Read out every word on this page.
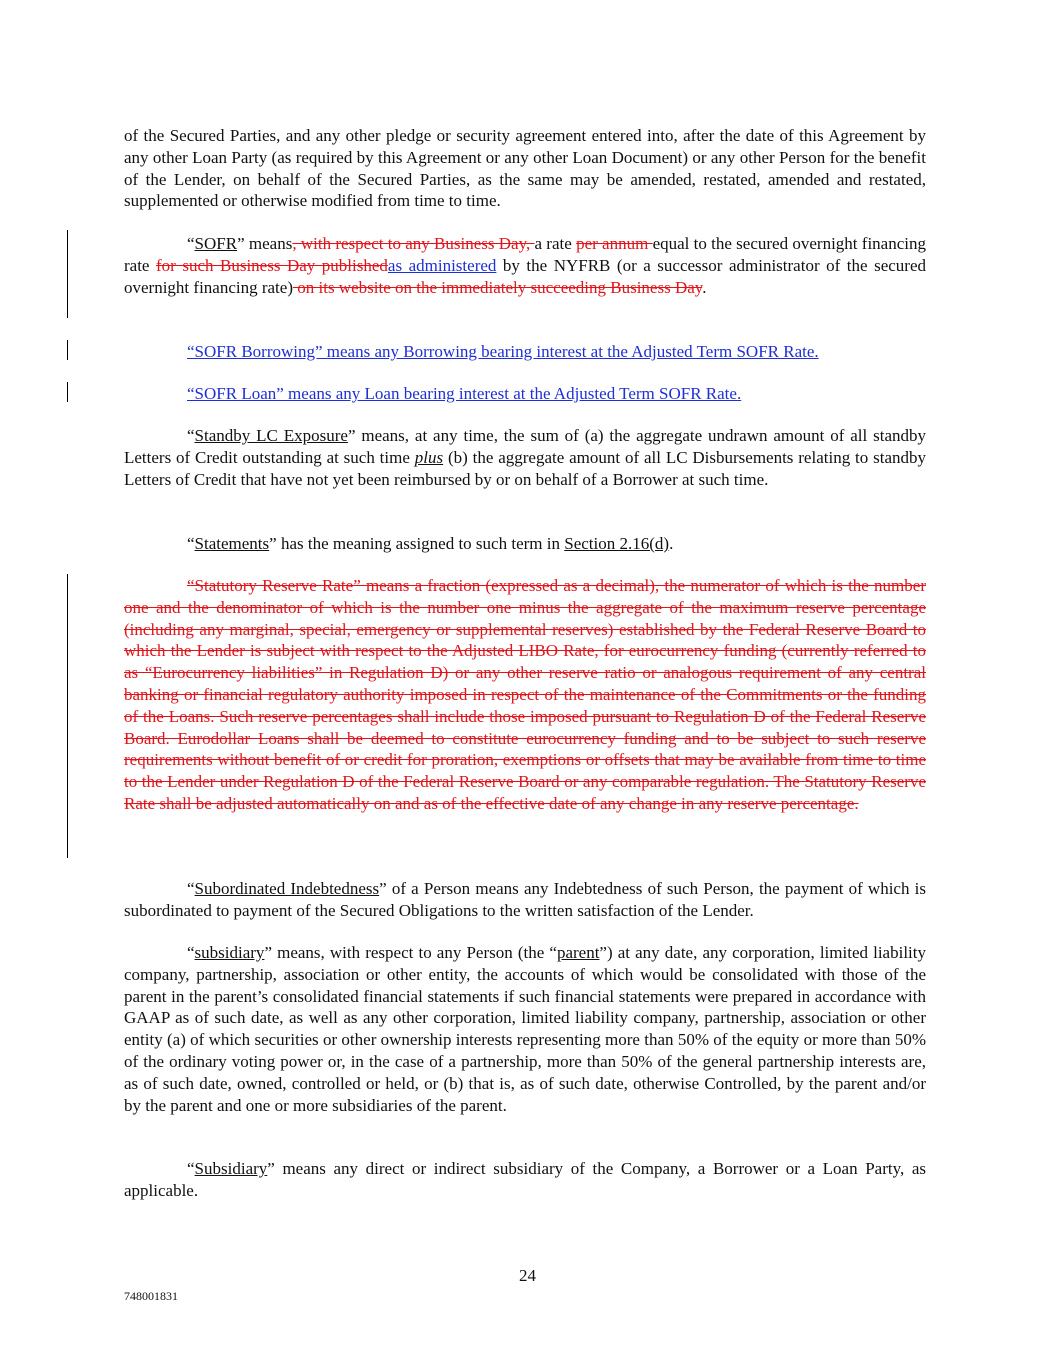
of the Secured Parties, and any other pledge or security agreement entered into, after the date of this Agreement by any other Loan Party (as required by this Agreement or any other Loan Document) or any other Person for the benefit of the Lender, on behalf of the Secured Parties, as the same may be amended, restated, amended and restated, supplemented or otherwise modified from time to time.

“SOFR” means, with respect to any Business Day, a rate per annum equal to the secured overnight financing rate for such Business Day publishedas administered by the NYFRB (or a successor administrator of the secured overnight financing rate) on its website on the immediately succeeding Business Day.

“SOFR Borrowing” means any Borrowing bearing interest at the Adjusted Term SOFR Rate.

“SOFR Loan” means any Loan bearing interest at the Adjusted Term SOFR Rate.

“Standby LC Exposure” means, at any time, the sum of (a) the aggregate undrawn amount of all standby Letters of Credit outstanding at such time plus (b) the aggregate amount of all LC Disbursements relating to standby Letters of Credit that have not yet been reimbursed by or on behalf of a Borrower at such time.

“Statements” has the meaning assigned to such term in Section 2.16(d).

“Statutory Reserve Rate” means a fraction (expressed as a decimal), the numerator of which is the number one and the denominator of which is the number one minus the aggregate of the maximum reserve percentage (including any marginal, special, emergency or supplemental reserves) established by the Federal Reserve Board to which the Lender is subject with respect to the Adjusted LIBO Rate, for eurocurrency funding (currently referred to as “Eurocurrency liabilities” in Regulation D) or any other reserve ratio or analogous requirement of any central banking or financial regulatory authority imposed in respect of the maintenance of the Commitments or the funding of the Loans. Such reserve percentages shall include those imposed pursuant to Regulation D of the Federal Reserve Board. Eurodollar Loans shall be deemed to constitute eurocurrency funding and to be subject to such reserve requirements without benefit of or credit for proration, exemptions or offsets that may be available from time to time to the Lender under Regulation D of the Federal Reserve Board or any comparable regulation. The Statutory Reserve Rate shall be adjusted automatically on and as of the effective date of any change in any reserve percentage.

“Subordinated Indebtedness” of a Person means any Indebtedness of such Person, the payment of which is subordinated to payment of the Secured Obligations to the written satisfaction of the Lender.

“subsidiary” means, with respect to any Person (the “parent”) at any date, any corporation, limited liability company, partnership, association or other entity, the accounts of which would be consolidated with those of the parent in the parent’s consolidated financial statements if such financial statements were prepared in accordance with GAAP as of such date, as well as any other corporation, limited liability company, partnership, association or other entity (a) of which securities or other ownership interests representing more than 50% of the equity or more than 50% of the ordinary voting power or, in the case of a partnership, more than 50% of the general partnership interests are, as of such date, owned, controlled or held, or (b) that is, as of such date, otherwise Controlled, by the parent and/or by the parent and one or more subsidiaries of the parent.

“Subsidiary” means any direct or indirect subsidiary of the Company, a Borrower or a Loan Party, as applicable.

24
748001831
